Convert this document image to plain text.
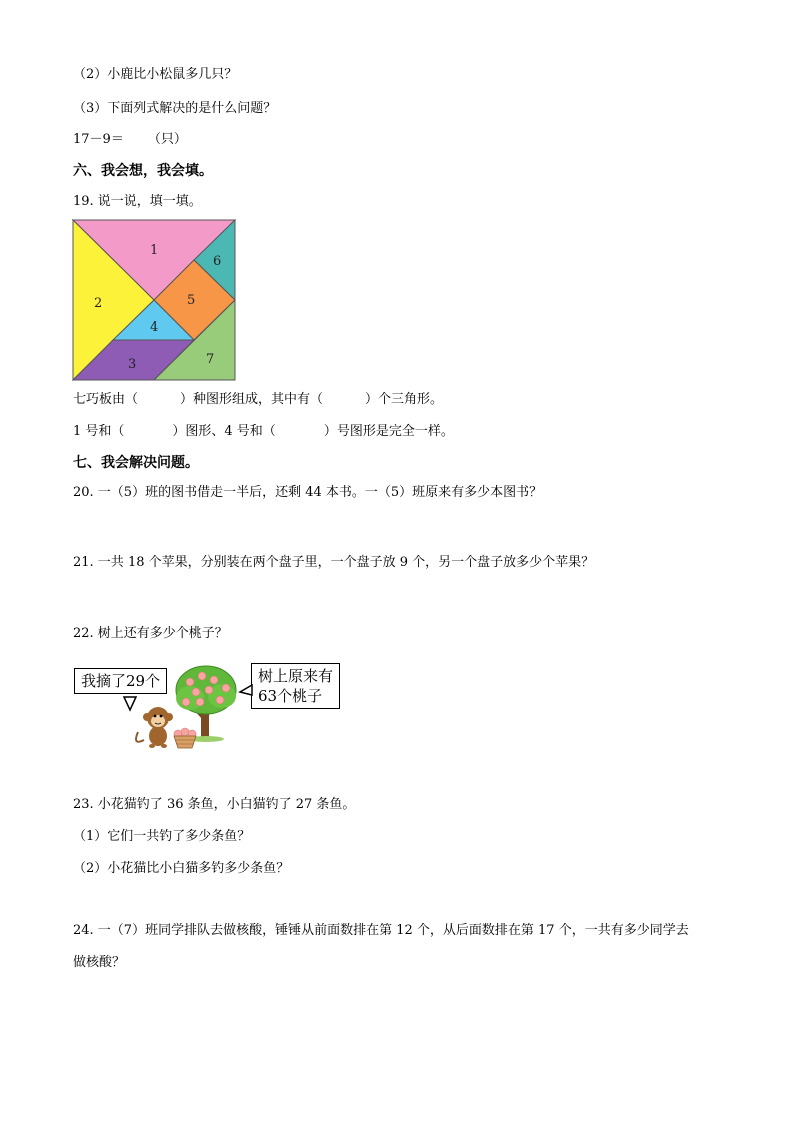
（2）小鹿比小松鼠多几只？
（3）下面列式解决的是什么问题？
17－9＝ （只）
六、我会想，我会填。
19. 说一说，填一填。
1
2
3
4
5
6
7
七巧板由（	）种图形组成，其中有（	）个三角形。
1 号和（	）图形、4 号和（	）号图形是完全一样。
七、我会解决问题。
20. 一（5）班的图书借走一半后，还剩 44 本书。一（5）班原来有多少本图书？
21. 一共 18 个苹果，分别装在两个盘子里，一个盘子放 9 个，另一个盘子放多少个苹果？
22. 树上还有多少个桃子？
我摘了29个	树上原来有
63个桃子
23. 小花猫钓了 36 条鱼，小白猫钓了 27 条鱼。
（1）它们一共钓了多少条鱼？
（2）小花猫比小白猫多钓多少条鱼？
24. 一（7）班同学排队去做核酸，锤锤从前面数排在第 12 个，从后面数排在第 17 个，一共有多少同学去
做核酸？
